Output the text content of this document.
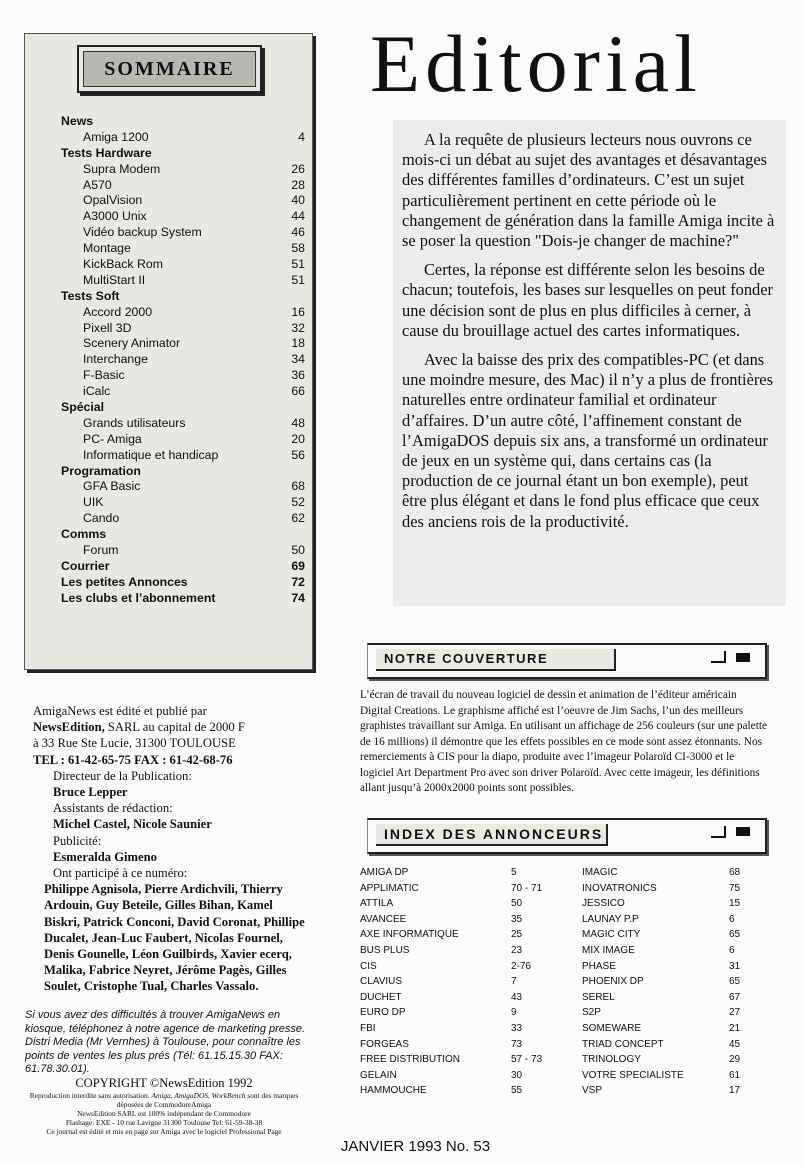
SOMMAIRE
News
Amiga 1200	4
Tests Hardware
Supra Modem	26
A570	28
OpalVision	40
A3000 Unix	44
Vidéo backup System	46
Montage	58
KickBack Rom	51
MultiStart II	51
Tests Soft
Accord 2000	16
Pixell 3D	32
Scenery Animator	18
Interchange	34
F-Basic	36
iCalc	66
Spécial
Grands utilisateurs	48
PC- Amiga	20
Informatique et handicap	56
Programation
GFA Basic	68
UIK	52
Cando	62
Comms
Forum	50
Courrier	69
Les petites Annonces	72
Les clubs et l’abonnement	74
AmigaNews est édité et publié par
NewsEdition, SARL au capital de 2000 F
à 33 Rue Ste Lucie, 31300 TOULOUSE
TEL : 61-42-65-75 FAX : 61-42-68-76
Directeur de la Publication:
Bruce Lepper
Assistants de rédaction:
Michel Castel, Nicole Saunier
Publicité:
Esmeralda Gimeno
Ont participé à ce numéro:
Philippe Agnisola, Pierre Ardichvili, Thierry Ardouin, Guy Beteile, Gilles Bihan, Kamel Biskri, Patrick Conconi, David Coronat, Phillipe Ducalet, Jean-Luc Faubert, Nicolas Fournel, Denis Gounelle, Léon Guilbirds, Xavier ecerq, Malika, Fabrice Neyret, Jérôme Pagès, Gilles Soulet, Cristophe Tual, Charles Vassalo.
Si vous avez des difficultés à trouver AmigaNews en kiosque, téléphonez à notre agence de marketing presse. Distri Media (Mr Vernhes) à Toulouse, pour connaître les points de ventes les plus prés (Tél: 61.15.15.30 FAX: 61.78.30.01).
COPYRIGHT ©NewsEdition 1992
Reproduction interdite sans autorisation. Amiga, AmigaDOS, WorkBench sont des marques déposées de CommodoreAmiga
NewsEdition SARL est 100% indépendant de Commodore
Flashage: EXE - 10 rue Lavigne 31300 Toulouse Tel: 61-59-38-38
Ce journal est édité et mis en page sur Amiga avec le logiciel Professional Page
Editorial

A la requête de plusieurs lecteurs nous ouvrons ce mois-ci un débat au sujet des avantages et désavantages des différentes familles d’ordinateurs. C’est un sujet particulièrement pertinent en cette période où le changement de génération dans la famille Amiga incite à se poser la question "Dois-je changer de machine?"

Certes, la réponse est différente selon les besoins de chacun; toutefois, les bases sur lesquelles on peut fonder une décision sont de plus en plus difficiles à cerner, à cause du brouillage actuel des cartes informatiques.

Avec la baisse des prix des compatibles-PC (et dans une moindre mesure, des Mac) il n’y a plus de frontières naturelles entre ordinateur familial et ordinateur d’affaires. D’un autre côté, l’affinement constant de l’AmigaDOS depuis six ans, a transformé un ordinateur de jeux en un système qui, dans certains cas (la production de ce journal étant un bon exemple), peut être plus élégant et dans le fond plus efficace que ceux des anciens rois de la productivité.

NOTRE COUVERTURE
L’écran de travail du nouveau logiciel de dessin et animation de l’éditeur américain Digital Creations. Le graphisme affiché est l’oeuvre de Jim Sachs, l’un des meilleurs graphistes travaillant sur Amiga. En utilisant un affichage de 256 couleurs (sur une palette de 16 millions) il démontre que les effets possibles en ce mode sont assez étonnants. Nos remerciements à CIS pour la diapo, produite avec l’imageur Polaroïd CI-3000 et le logiciel Art Department Pro avec son driver Polaroïd. Avec cette imageur, les définitions allant jusqu’à 2000x2000 points sont possibles.
INDEX DES ANNONCEURS
AMIGA DP	5	IMAGIC	68
APPLIMATIC	70 - 71	INOVATRONICS	75
ATTILA	50	JESSICO	15
AVANCEE	35	LAUNAY P.P	6
AXE INFORMATIQUE	25	MAGIC CITY	65
BUS PLUS	23	MIX IMAGE	6
CIS	2-76	PHASE	31
CLAVIUS	7	PHOENIX DP	65
DUCHET	43	SEREL	67
EURO DP	9	S2P	27
FBI	33	SOMEWARE	21
FORGEAS	73	TRIAD CONCEPT	45
FREE DISTRIBUTION	57 - 73	TRINOLOGY	29
GELAIN	30	VOTRE SPECIALISTE	61
HAMMOUCHE	55	VSP	17
JANVIER 1993 No. 53
